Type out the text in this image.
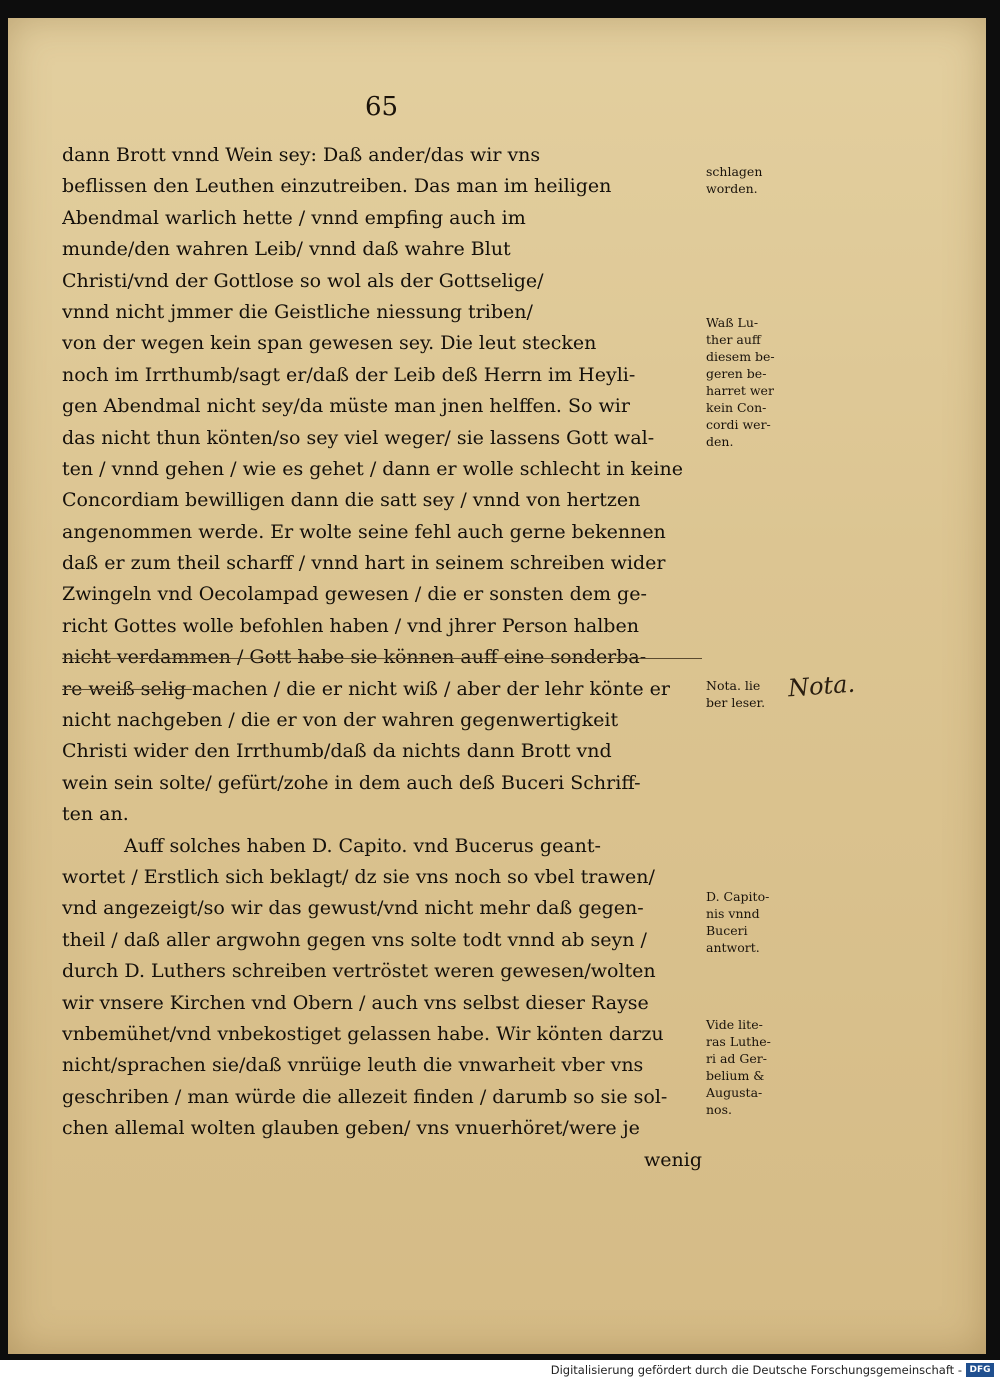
65
dann Brott vnnd Wein sey: Daß ander/das wir vns
beflissen den Leuthen einzutreiben. Das man im heiligen
Abendmal warlich hette / vnnd empfing auch im
munde/den wahren Leib/ vnnd daß wahre Blut
Christi/vnd der Gottlose so wol als der Gottselige/
vnnd nicht jmmer die Geistliche niessung triben/
von der wegen kein span gewesen sey. Die leut stecken
noch im Irrthumb/sagt er/daß der Leib deß Herrn im Heyli-
gen Abendmal nicht sey/da müste man jnen helffen. So wir
das nicht thun könten/so sey viel weger/ sie lassens Gott wal-
ten / vnnd gehen / wie es gehet / dann er wolle schlecht in keine
Concordiam bewilligen dann die satt sey / vnnd von hertzen
angenommen werde. Er wolte seine fehl auch gerne bekennen
daß er zum theil scharff / vnnd hart in seinem schreiben wider
Zwingeln vnd Oecolampad gewesen / die er sonsten dem ge-
richt Gottes wolle befohlen haben / vnd jhrer Person halben
nicht verdammen / Gott habe sie können auff eine sonderba-
re weiß selig machen / die er nicht wiß / aber der lehr könte er
nicht nachgeben / die er von der wahren gegenwertigkeit
Christi wider den Irrthumb/daß da nichts dann Brott vnd
wein sein solte/ gefürt/zohe in dem auch deß Buceri Schriff-
ten an.
Auff solches haben D. Capito. vnd Bucerus geant-
wortet / Erstlich sich beklagt/ dz sie vns noch so vbel trawen/
vnd angezeigt/so wir das gewust/vnd nicht mehr daß gegen-
theil / daß aller argwohn gegen vns solte todt vnnd ab seyn /
durch D. Luthers schreiben vertröstet weren gewesen/wolten
wir vnsere Kirchen vnd Obern / auch vns selbst dieser Rayse
vnbemühet/vnd vnbekostiget gelassen habe. Wir könten darzu
nicht/sprachen sie/daß vnrüige leuth die vnwarheit vber vns
geschriben / man würde die allezeit finden / darumb so sie sol-
chen allemal wolten glauben geben/ vns vnuerhöret/were je
wenig
schlagen
worden.
Waß Lu-
ther auff
diesem be-
geren be-
harret wer
kein Con-
cordi wer-
den.
Nota. lie
ber leser.
D. Capito-
nis vnnd
Buceri
antwort.
Vide lite-
ras Luthe-
ri ad Ger-
belium &
Augusta-
nos.
Nota.
Digitalisierung gefördert durch die Deutsche Forschungsgemeinschaft - DFG
